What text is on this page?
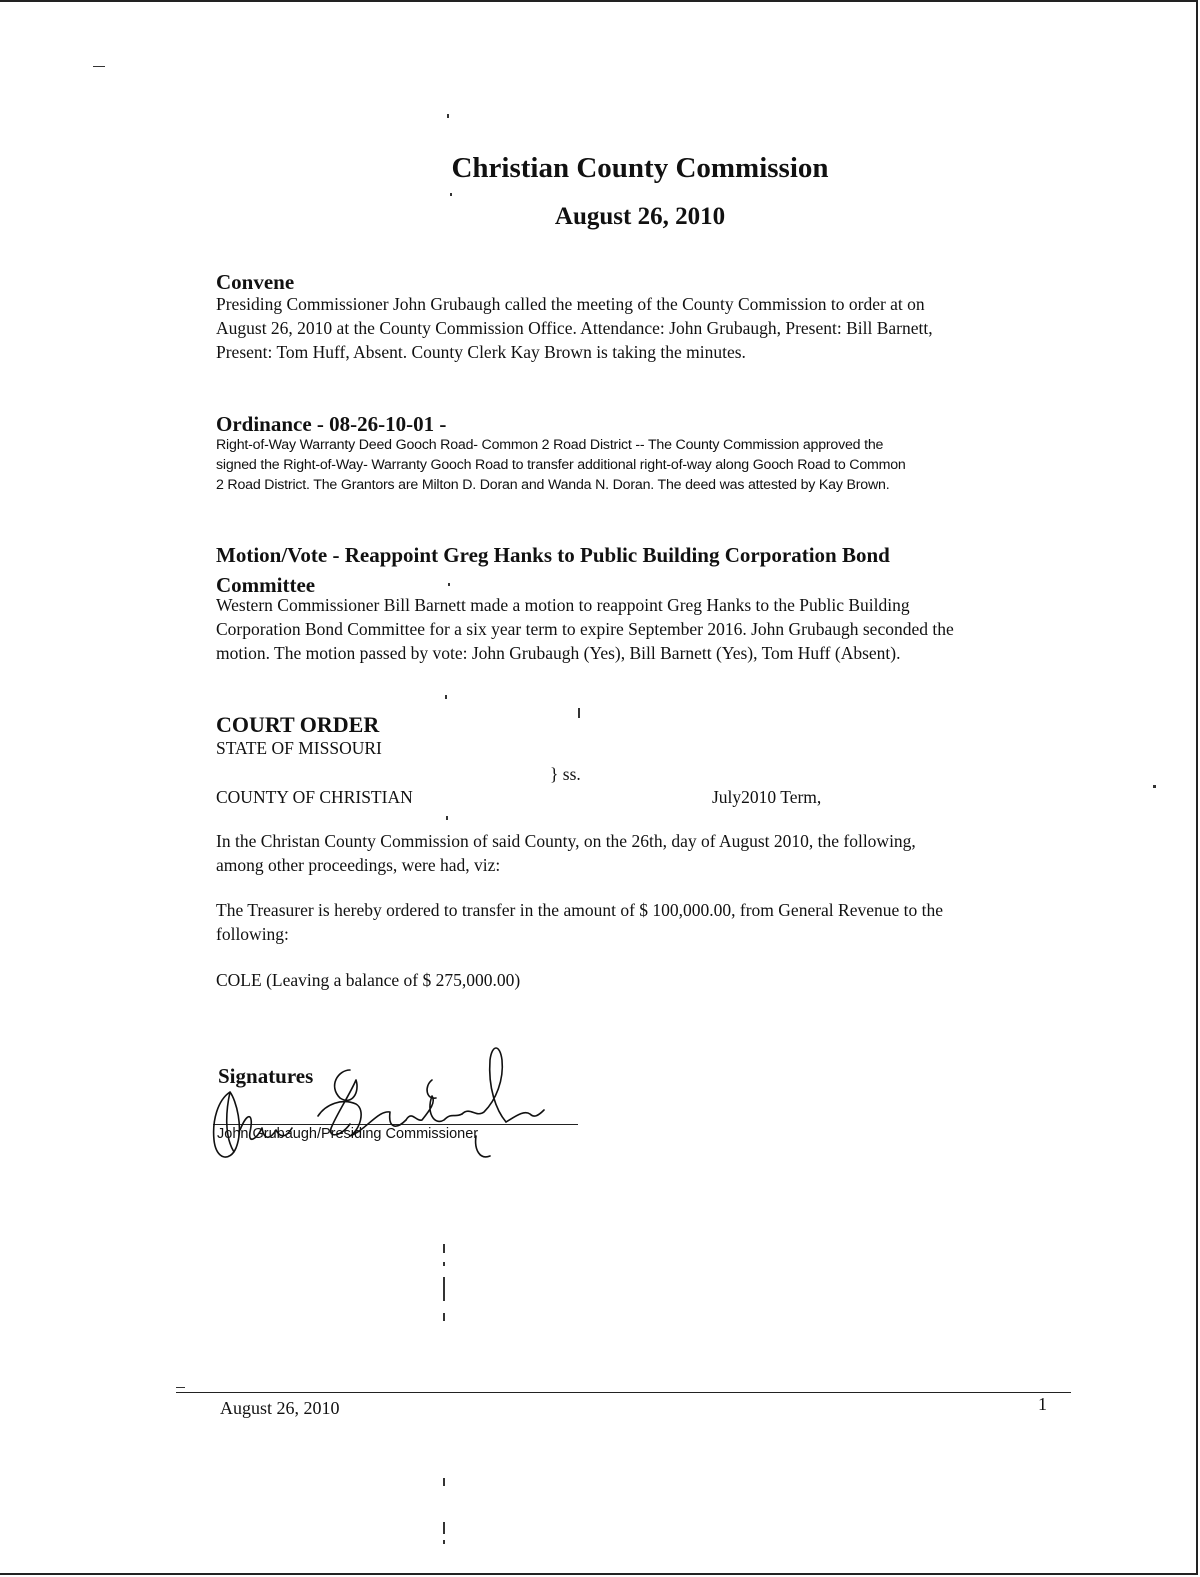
Christian County Commission
August 26, 2010
Convene
Presiding Commissioner John Grubaugh called the meeting of the County Commission to order at on
August 26, 2010 at the County Commission Office. Attendance: John Grubaugh, Present: Bill Barnett,
Present: Tom Huff, Absent. County Clerk Kay Brown is taking the minutes.
Ordinance - 08-26-10-01 -
Right-of-Way Warranty Deed Gooch Road- Common 2 Road District -- The County Commission approved the
signed the Right-of-Way- Warranty Gooch Road to transfer additional right-of-way along Gooch Road to Common
2 Road District. The Grantors are Milton D. Doran and Wanda N. Doran. The deed was attested by Kay Brown.
Motion/Vote - Reappoint Greg Hanks to Public Building Corporation Bond
Committee
Western Commissioner Bill Barnett made a motion to reappoint Greg Hanks to the Public Building
Corporation Bond Committee for a six year term to expire September 2016. John Grubaugh seconded the
motion. The motion passed by vote: John Grubaugh (Yes), Bill Barnett (Yes), Tom Huff (Absent).
COURT ORDER
STATE OF MISSOURI
} ss.
COUNTY OF CHRISTIAN	July2010 Term,
In the Christan County Commission of said County, on the 26th, day of August 2010, the following,
among other proceedings, were had, viz:
The Treasurer is hereby ordered to transfer in the amount of $ 100,000.00, from General Revenue to the
following:
COLE (Leaving a balance of $ 275,000.00)
Signatures
John Grubaugh/Presiding Commissioner
August 26, 2010	1
